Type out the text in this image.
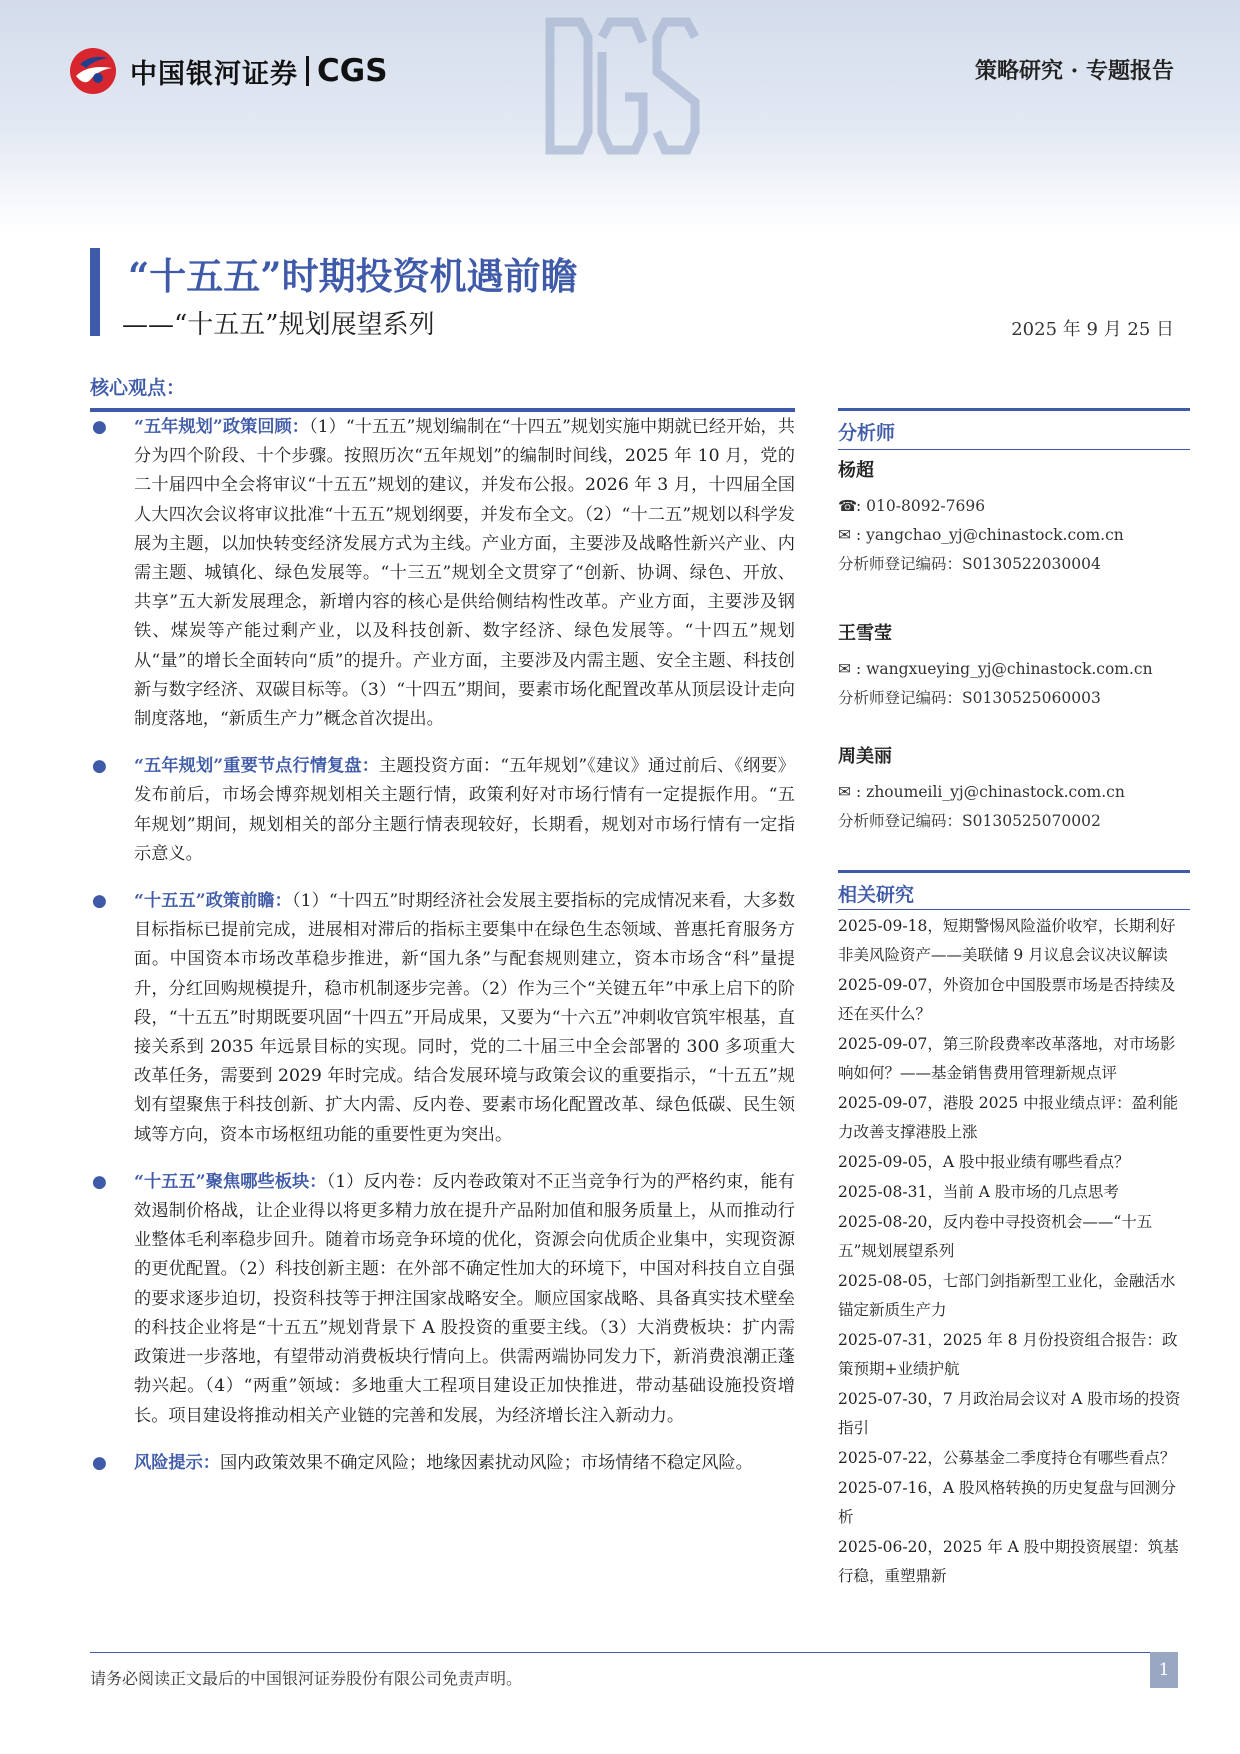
中国银河证券 CGS	策略研究 · 专题报告
“十五五”时期投资机遇前瞻
——“十五五”规划展望系列	2025 年 9 月 25 日
核心观点：
● “五年规划”政策回顾：（1）“十五五”规划编制在“十四五”规划实施中期就已经开始，共分为四个阶段、十个步骤。按照历次“五年规划”的编制时间线，2025 年 10 月，党的二十届四中全会将审议“十五五”规划的建议，并发布公报。2026 年 3 月，十四届全国人大四次会议将审议批准“十五五”规划纲要，并发布全文。（2）“十二五”规划以科学发展为主题，以加快转变经济发展方式为主线。产业方面，主要涉及战略性新兴产业、内需主题、城镇化、绿色发展等。“十三五”规划全文贯穿了“创新、协调、绿色、开放、共享”五大新发展理念，新增内容的核心是供给侧结构性改革。产业方面，主要涉及钢铁、煤炭等产能过剩产业，以及科技创新、数字经济、绿色发展等。“十四五”规划从“量”的增长全面转向“质”的提升。产业方面，主要涉及内需主题、安全主题、科技创新与数字经济、双碳目标等。（3）“十四五”期间，要素市场化配置改革从顶层设计走向制度落地，“新质生产力”概念首次提出。
● “五年规划”重要节点行情复盘：主题投资方面：“五年规划”《建议》通过前后、《纲要》发布前后，市场会博弈规划相关主题行情，政策利好对市场行情有一定提振作用。“五年规划”期间，规划相关的部分主题行情表现较好，长期看，规划对市场行情有一定指示意义。
● “十五五”政策前瞻：（1）“十四五”时期经济社会发展主要指标的完成情况来看，大多数目标指标已提前完成，进展相对滞后的指标主要集中在绿色生态领域、普惠托育服务方面。中国资本市场改革稳步推进，新“国九条”与配套规则建立，资本市场含“科”量提升，分红回购规模提升，稳市机制逐步完善。（2）作为三个“关键五年”中承上启下的阶段，“十五五”时期既要巩固“十四五”开局成果，又要为“十六五”冲刺收官筑牢根基，直接关系到 2035 年远景目标的实现。同时，党的二十届三中全会部署的 300 多项重大改革任务，需要到 2029 年时完成。结合发展环境与政策会议的重要指示，“十五五”规划有望聚焦于科技创新、扩大内需、反内卷、要素市场化配置改革、绿色低碳、民生领域等方向，资本市场枢纽功能的重要性更为突出。
● “十五五”聚焦哪些板块：（1）反内卷：反内卷政策对不正当竞争行为的严格约束，能有效遏制价格战，让企业得以将更多精力放在提升产品附加值和服务质量上，从而推动行业整体毛利率稳步回升。随着市场竞争环境的优化，资源会向优质企业集中，实现资源的更优配置。（2）科技创新主题：在外部不确定性加大的环境下，中国对科技自立自强的要求逐步迫切，投资科技等于押注国家战略安全。顺应国家战略、具备真实技术壁垒的科技企业将是“十五五”规划背景下 A 股投资的重要主线。（3）大消费板块：扩内需政策进一步落地，有望带动消费板块行情向上。供需两端协同发力下，新消费浪潮正蓬勃兴起。（4）“两重”领域：多地重大工程项目建设正加快推进，带动基础设施投资增长。项目建设将推动相关产业链的完善和发展，为经济增长注入新动力。
● 风险提示：国内政策效果不确定风险；地缘因素扰动风险；市场情绪不稳定风险。
分析师
杨超
☎: 010-8092-7696
✉ : yangchao_yj@chinastock.com.cn
分析师登记编码：S0130522030004
王雪莹
✉ : wangxueying_yj@chinastock.com.cn
分析师登记编码：S0130525060003
周美丽
✉ : zhoumeili_yj@chinastock.com.cn
分析师登记编码：S0130525070002
相关研究
2025-09-18，短期警惕风险溢价收窄，长期利好非美风险资产——美联储 9 月议息会议决议解读
2025-09-07，外资加仓中国股票市场是否持续及还在买什么？
2025-09-07，第三阶段费率改革落地，对市场影响如何？——基金销售费用管理新规点评
2025-09-07，港股 2025 中报业绩点评：盈利能力改善支撑港股上涨
2025-09-05，A 股中报业绩有哪些看点？
2025-08-31，当前 A 股市场的几点思考
2025-08-20，反内卷中寻投资机会——“十五五”规划展望系列
2025-08-05，七部门剑指新型工业化，金融活水锚定新质生产力
2025-07-31，2025 年 8 月份投资组合报告：政策预期+业绩护航
2025-07-30，7 月政治局会议对 A 股市场的投资指引
2025-07-22，公募基金二季度持仓有哪些看点？
2025-07-16，A 股风格转换的历史复盘与回测分析
2025-06-20，2025 年 A 股中期投资展望：筑基行稳，重塑鼎新
请务必阅读正文最后的中国银河证券股份有限公司免责声明。	1
